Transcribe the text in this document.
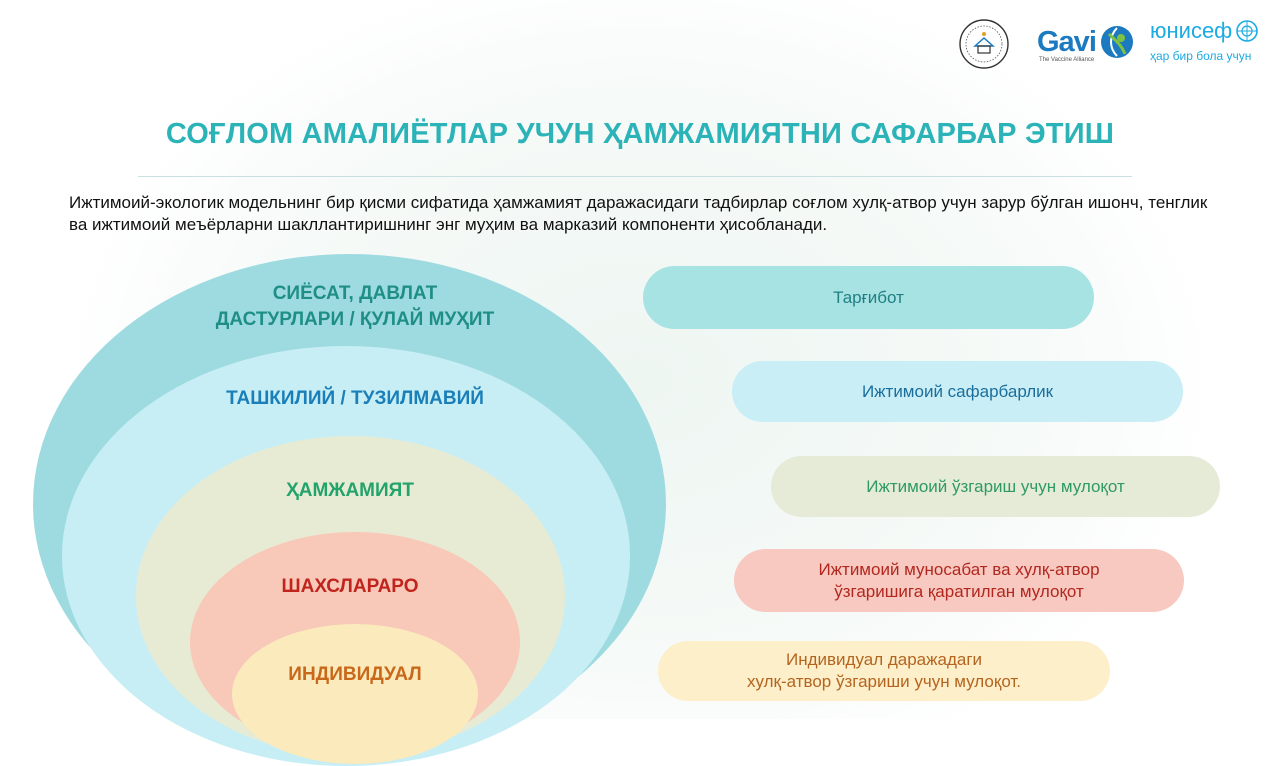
Gavi
The Vaccine Alliance
юнисеф
ҳар бир бола учун
СОҒЛОМ АМАЛИЁТЛАР УЧУН ҲАМЖАМИЯТНИ САФАРБАР ЭТИШ
Ижтимоий-экологик модельнинг бир қисми сифатида ҳамжамият даражасидаги тадбирлар соғлом хулқ-атвор учун зарур бўлган ишонч, тенглик ва ижтимоий меъёрларни шакллантиришнинг энг муҳим ва марказий компоненти ҳисобланади.
СИЁСАТ, ДАВЛАТ
ДАСТУРЛАРИ / ҚУЛАЙ МУҲИТ
ТАШКИЛИЙ / ТУЗИЛМАВИЙ
ҲАМЖАМИЯТ
ШАХСЛАРАРО
ИНДИВИДУАЛ
Тарғибот
Ижтимоий сафарбарлик
Ижтимоий ўзгариш учун мулоқот
Ижтимоий муносабат ва хулқ-атвор
ўзгаришига қаратилган мулоқот
Индивидуал даражадаги
хулқ-атвор ўзгариши учун мулоқот.
